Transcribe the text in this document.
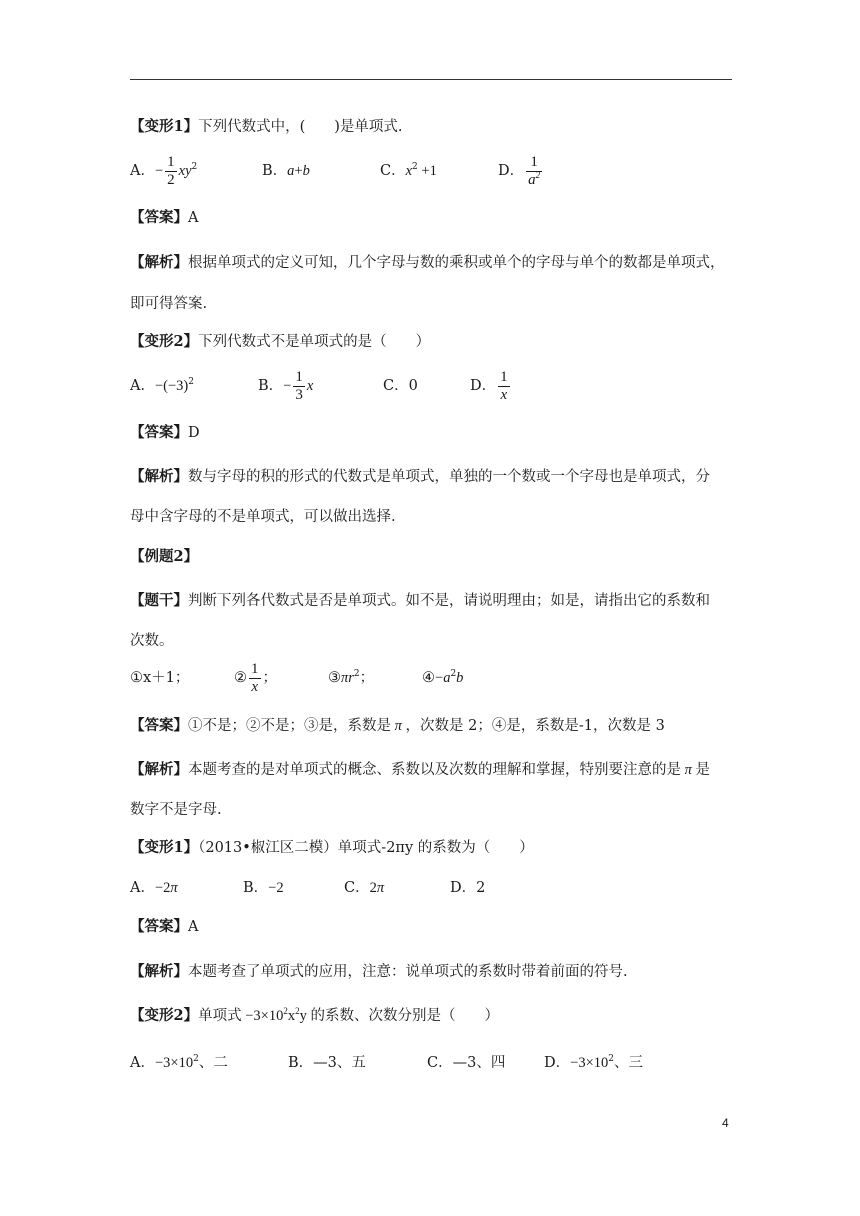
【变形1】下列代数式中，(　　)是单项式.
A．− $\frac{1}{2} xy^2$	B．a+b	C．$x^2 +1$	D． $\frac{1}{a^2}$
【答案】A
【解析】根据单项式的定义可知，几个字母与数的乘积或单个的字母与单个的数都是单项式，
即可得答案.
【变形2】下列代数式不是单项式的是（　　）
A．$-(-3)^2$	B．− $\frac{1}{3}$ x	C．0	D． $\frac{1}{x}$
【答案】D
【解析】数与字母的积的形式的代数式是单项式，单独的一个数或一个字母也是单项式，分
母中含字母的不是单项式，可以做出选择.
【例题2】
【题干】判断下列各代数式是否是单项式。如不是，请说明理由；如是，请指出它的系数和
次数。
①x＋1；	② $\frac{1}{x}$ ；	$③\pi r^2$；	$④-a^2b$
【答案】①不是；②不是；③是，系数是 π ，次数是 2；④是，系数是-1，次数是 3
【解析】本题考查的是对单项式的概念、系数以及次数的理解和掌握，特别要注意的是 π 是
数字不是字母.
【变形1】（2013•椒江区二模）单项式-2πy 的系数为（　　）
A．−2π	B．−2	C．2π	D．2
【答案】A
【解析】本题考查了单项式的应用，注意：说单项式的系数时带着前面的符号.
【变形2】单项式 $-3\times 10^2x^2y$ 的系数、次数分别是（　　）
A．$-3\times 10^2$、二	B．—3、五	C．—3、四	D．$-3\times 10^2$、三
4
